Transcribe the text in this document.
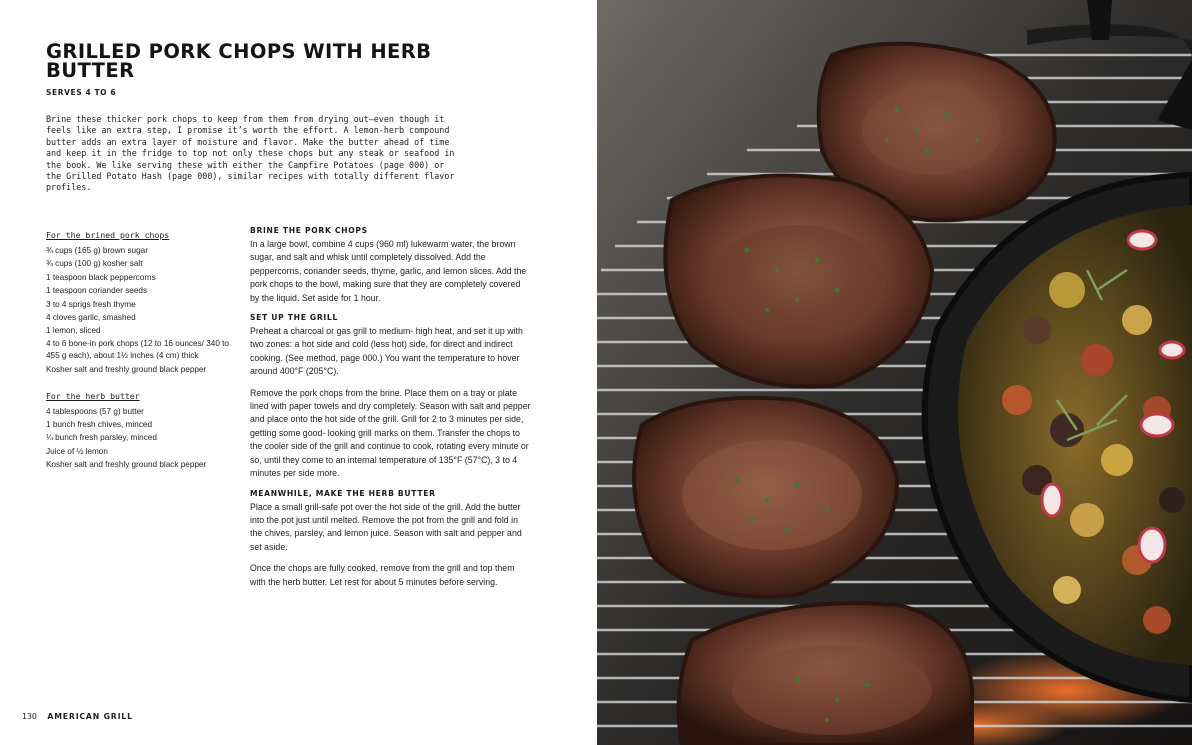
GRILLED PORK CHOPS WITH HERB BUTTER
SERVES 4 TO 6

Brine these thicker pork chops to keep from them from drying out—even though it feels like an extra step, I promise it’s worth the effort. A lemon-herb compound butter adds an extra layer of moisture and flavor. Make the butter ahead of time and keep it in the fridge to top not only these chops but any steak or seafood in the book. We like serving these with either the Campfire Potatoes (page 000) or the Grilled Potato Hash (page 000), similar recipes with totally different flavor profiles.

For the brined pork chops
¾ cups (165 g) brown sugar
¾ cups (100 g) kosher salt
1 teaspoon black peppercorns
1 teaspoon coriander seeds
3 to 4 sprigs fresh thyme
4 cloves garlic, smashed
1 lemon, sliced
4 to 6 bone-in pork chops (12 to 16 ounces/ 340 to 455 g each), about 1½ inches (4 cm) thick
Kosher salt and freshly ground black pepper
For the herb butter
4 tablespoons (57 g) butter
1 bunch fresh chives, minced
¼ bunch fresh parsley, minced
Juice of ½ lemon
Kosher salt and freshly ground black pepper
BRINE THE PORK CHOPS

In a large bowl, combine 4 cups (960 ml) lukewarm water, the brown sugar, and salt and whisk until completely dissolved. Add the peppercorns, coriander seeds, thyme, garlic, and lemon slices. Add the pork chops to the bowl, making sure that they are completely covered by the liquid. Set aside for 1 hour.

SET UP THE GRILL

Preheat a charcoal or gas grill to medium- high heat, and set it up with two zones: a hot side and cold (less hot) side, for direct and indirect cooking. (See method, page 000.) You want the temperature to hover around 400°F (205°C).

Remove the pork chops from the brine. Place them on a tray or plate lined with paper towels and dry completely. Season with salt and pepper and place onto the hot side of the grill. Grill for 2 to 3 minutes per side, getting some good- looking grill marks on them. Transfer the chops to the cooler side of the grill and continue to cook, rotating every minute or so, until they come to an internal temperature of 135°F (57°C), 3 to 4 minutes per side more.

MEANWHILE, MAKE THE HERB BUTTER

Place a small grill-safe pot over the hot side of the grill. Add the butter into the pot just until melted. Remove the pot from the grill and fold in the chives, parsley, and lemon juice. Season with salt and pepper and set aside.

Once the chops are fully cooked, remove from the grill and top them with the herb butter. Let rest for about 5 minutes before serving.

130 AMERICAN GRILL
